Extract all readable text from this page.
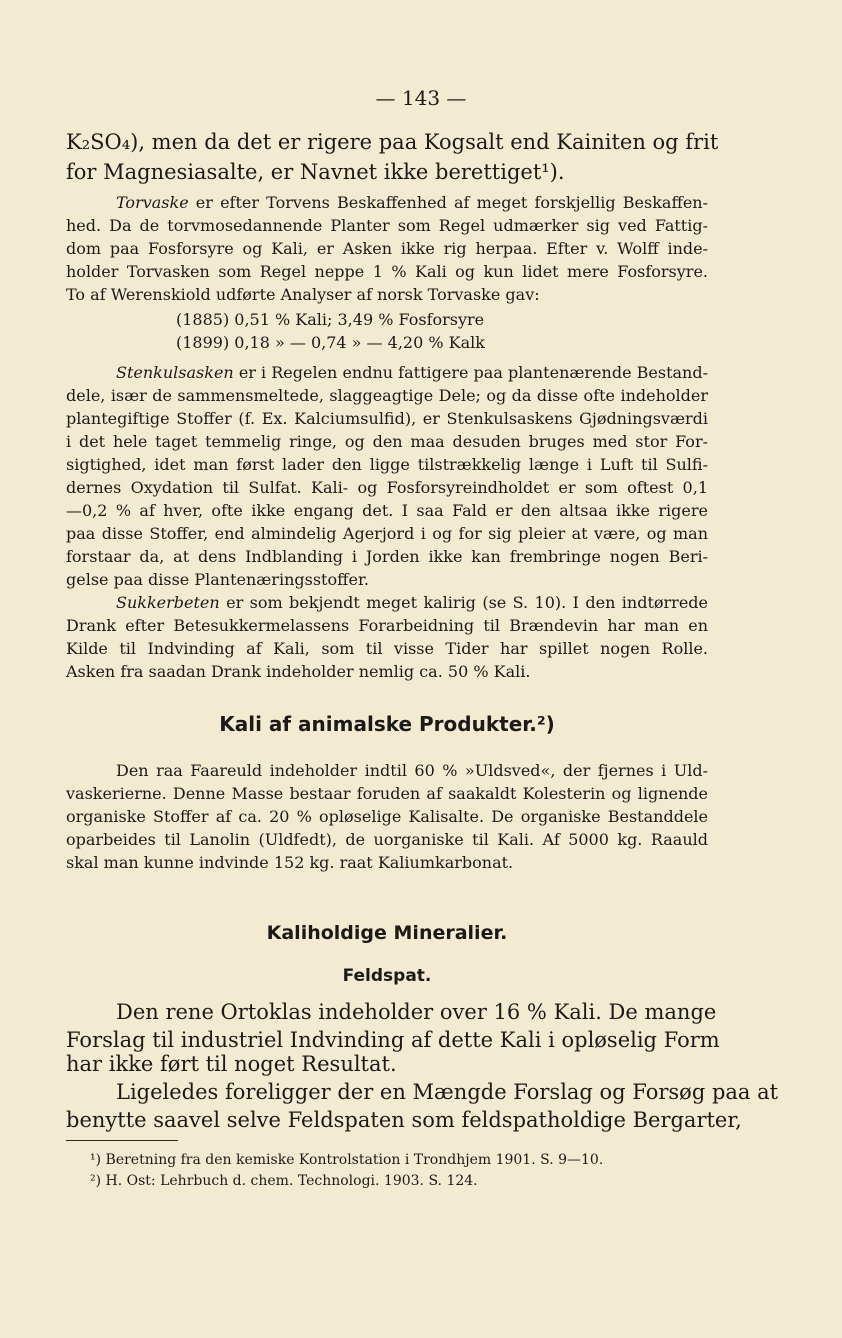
— 143 —
K₂SO₄), men da det er rigere paa Kogsalt end Kainiten og frit
for Magnesiasalte, er Navnet ikke berettiget¹).
Torvaske er efter Torvens Beskaffenhed af meget forskjellig Beskaffen-
hed. Da de torvmosedannende Planter som Regel udmærker sig ved Fattig-
dom paa Fosforsyre og Kali, er Asken ikke rig herpaa. Efter v. Wolff inde-
holder Torvasken som Regel neppe 1 % Kali og kun lidet mere Fosforsyre.
To af Werenskiold udførte Analyser af norsk Torvaske gav:
(1885) 0,51 % Kali; 3,49 % Fosforsyre
(1899) 0,18 » — 0,74 » — 4,20 % Kalk
Stenkulsasken er i Regelen endnu fattigere paa plantenærende Bestand-
dele, især de sammensmeltede, slaggeagtige Dele; og da disse ofte indeholder
plantegiftige Stoffer (f. Ex. Kalciumsulfid), er Stenkulsaskens Gjødningsværdi
i det hele taget temmelig ringe, og den maa desuden bruges med stor For-
sigtighed, idet man først lader den ligge tilstrækkelig længe i Luft til Sulfi-
dernes Oxydation til Sulfat. Kali- og Fosforsyreindholdet er som oftest 0,1
—0,2 % af hver, ofte ikke engang det. I saa Fald er den altsaa ikke rigere
paa disse Stoffer, end almindelig Agerjord i og for sig pleier at være, og man
forstaar da, at dens Indblanding i Jorden ikke kan frembringe nogen Beri-
gelse paa disse Plantenæringsstoffer.
Sukkerbeten er som bekjendt meget kalirig (se S. 10). I den indtørrede
Drank efter Betesukkermelassens Forarbeidning til Brændevin har man en
Kilde til Indvinding af Kali, som til visse Tider har spillet nogen Rolle.
Asken fra saadan Drank indeholder nemlig ca. 50 % Kali.
Kali af animalske Produkter.²)
Den raa Faareuld indeholder indtil 60 % »Uldsved«, der fjernes i Uld-
vaskerierne. Denne Masse bestaar foruden af saakaldt Kolesterin og lignende
organiske Stoffer af ca. 20 % opløselige Kalisalte. De organiske Bestanddele
oparbeides til Lanolin (Uldfedt), de uorganiske til Kali. Af 5000 kg. Raauld
skal man kunne indvinde 152 kg. raat Kaliumkarbonat.
Kaliholdige Mineralier.
Feldspat.
Den rene Ortoklas indeholder over 16 % Kali. De mange
Forslag til industriel Indvinding af dette Kali i opløselig Form
har ikke ført til noget Resultat.
Ligeledes foreligger der en Mængde Forslag og Forsøg paa at
benytte saavel selve Feldspaten som feldspatholdige Bergarter,
¹) Beretning fra den kemiske Kontrolstation i Trondhjem 1901. S. 9—10.
²) H. Ost: Lehrbuch d. chem. Technologi. 1903. S. 124.
